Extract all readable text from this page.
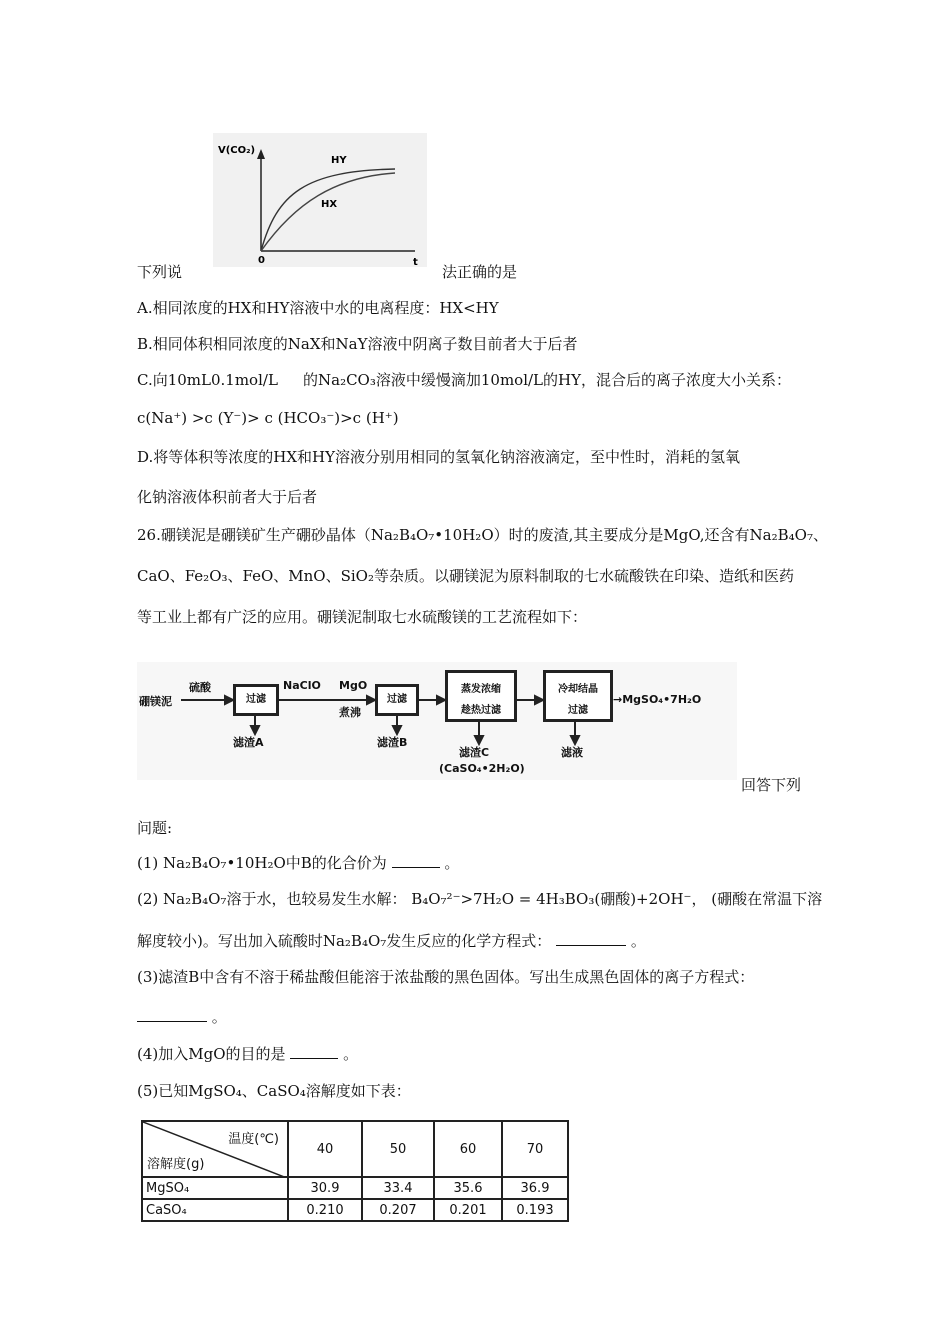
V(CO₂)
0	t
HY
HX
下列说	法正确的是
A.相同浓度的HX和HY溶液中水的电离程度：HX<HY
B.相同体积相同浓度的NaX和NaY溶液中阴离子数目前者大于后者
C.向10mL0.1mol/L 的Na₂CO₃溶液中缓慢滴加10mol/L的HY，混合后的离子浓度大小关系：
c(Na⁺) >c (Y⁻)> c (HCO₃⁻)>c (H⁺)
D.将等体积等浓度的HX和HY溶液分别用相同的氢氧化钠溶液滴定，至中性时，消耗的氢氧
化钠溶液体积前者大于后者
26.硼镁泥是硼镁矿生产硼砂晶体（Na₂B₄O₇•10H₂O）时的废渣,其主要成分是MgO,还含有Na₂B₄O₇、
CaO、Fe₂O₃、FeO、MnO、SiO₂等杂质。以硼镁泥为原料制取的七水硫酸铁在印染、造纸和医药
等工业上都有广泛的应用。硼镁泥制取七水硫酸镁的工艺流程如下：
硼镁泥
硫酸
过滤
NaClO MgO
煮沸
过滤
蒸发浓缩
趁热过滤
冷却结晶
过滤
→MgSO₄•7H₂O
滤渣A	滤渣B
滤渣C
(CaSO₄•2H₂O)
滤液
回答下列
问题:
(1) Na₂B₄O₇•10H₂O中B的化合价为	。
(2) Na₂B₄O₇溶于水，也较易发生水解： B₄O₇²⁻>7H₂O = 4H₃BO₃(硼酸)+2OH⁻， (硼酸在常温下溶
解度较小)。写出加入硫酸时Na₂B₄O₇发生反应的化学方程式：	。
(3)滤渣B中含有不溶于稀盐酸但能溶于浓盐酸的黑色固体。写出生成黑色固体的离子方程式：
。
(4)加入MgO的目的是	。
(5)已知MgSO₄、CaSO₄溶解度如下表：
温度(℃)
溶解度(g)	40	50	60	70
MgSO₄	30.9	33.4	35.6	36.9
CaSO₄	0.210	0.207	0.201	0.193
